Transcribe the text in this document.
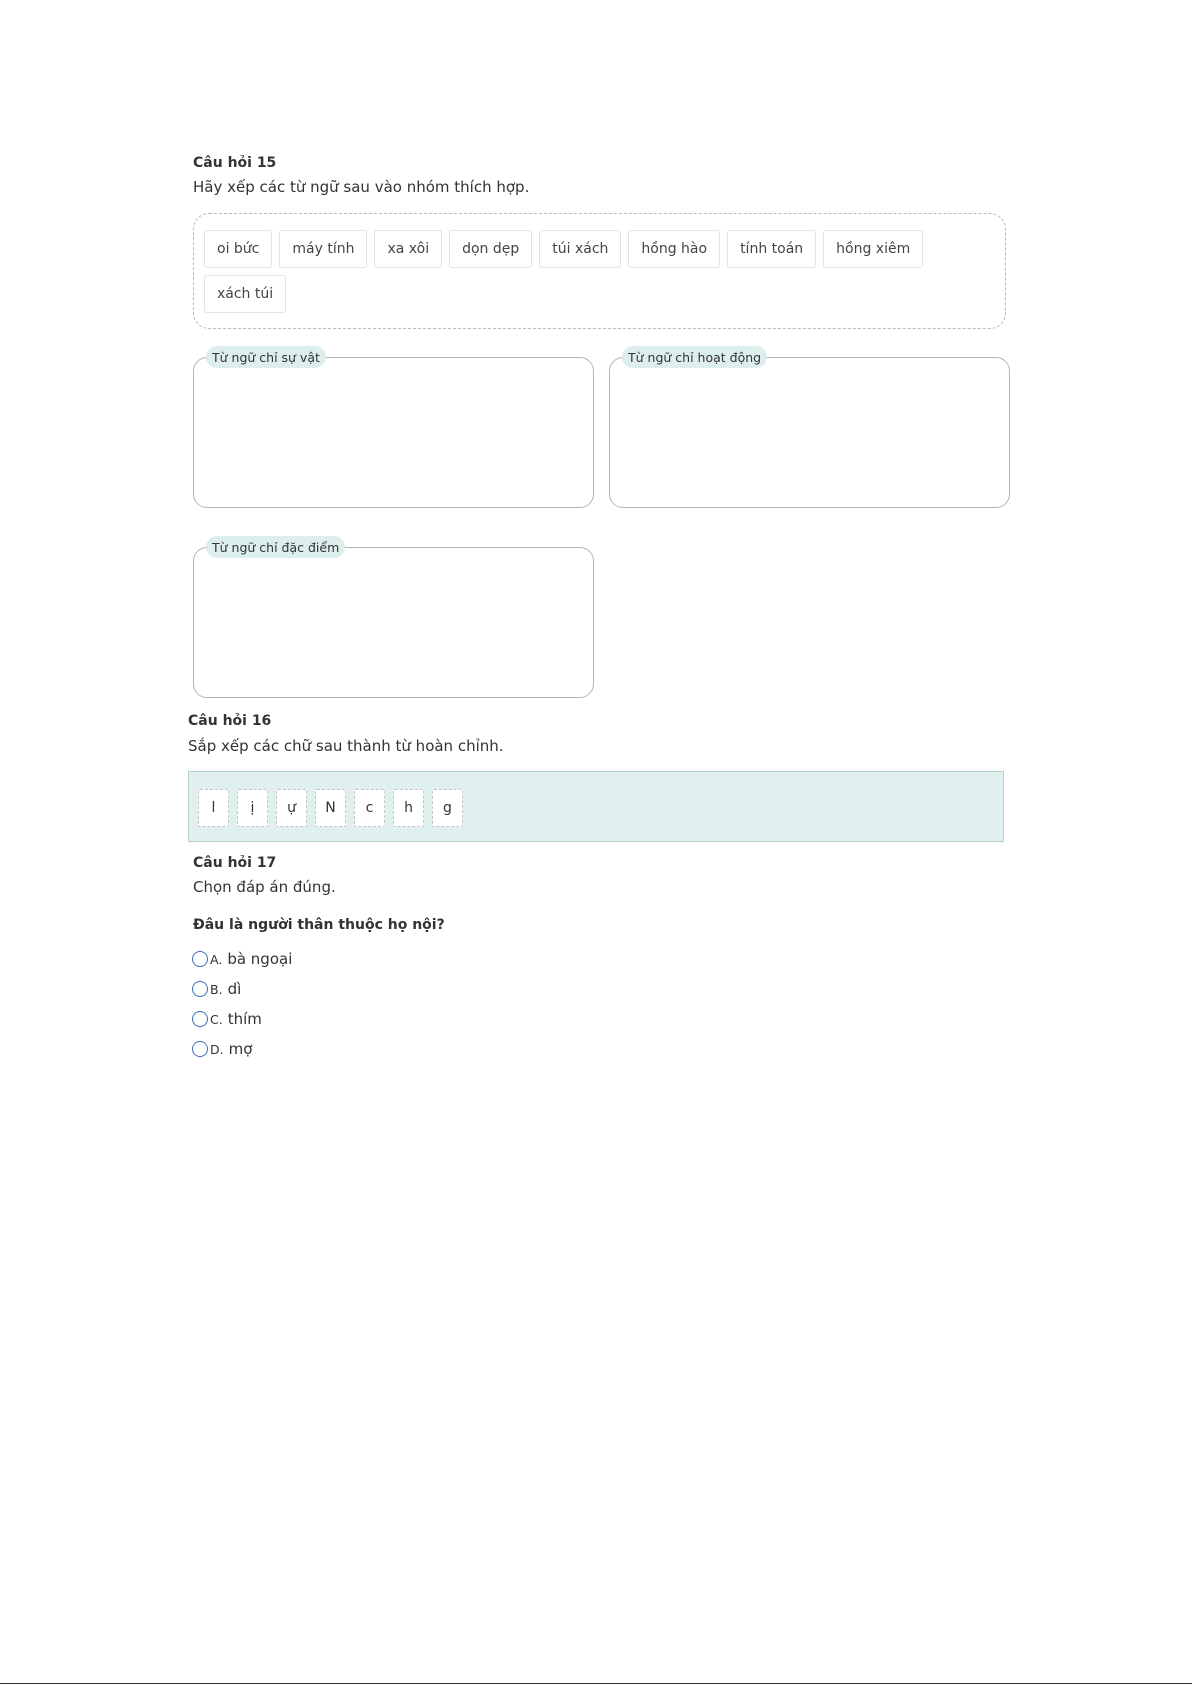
Câu hỏi 15
Hãy xếp các từ ngữ sau vào nhóm thích hợp.
oi bức	máy tính	xa xôi	dọn dẹp	túi xách	hồng hào	tính toán	hồng xiêm
xách túi
Từ ngữ chỉ sự vật	Từ ngữ chỉ hoạt động
Từ ngữ chỉ đặc điểm
Câu hỏi 16
Sắp xếp các chữ sau thành từ hoàn chỉnh.
l	ị	ự	N	c	h	g
Câu hỏi 17
Chọn đáp án đúng.
Đâu là người thân thuộc họ nội?
A. bà ngoại
B. dì
C. thím
D. mợ
